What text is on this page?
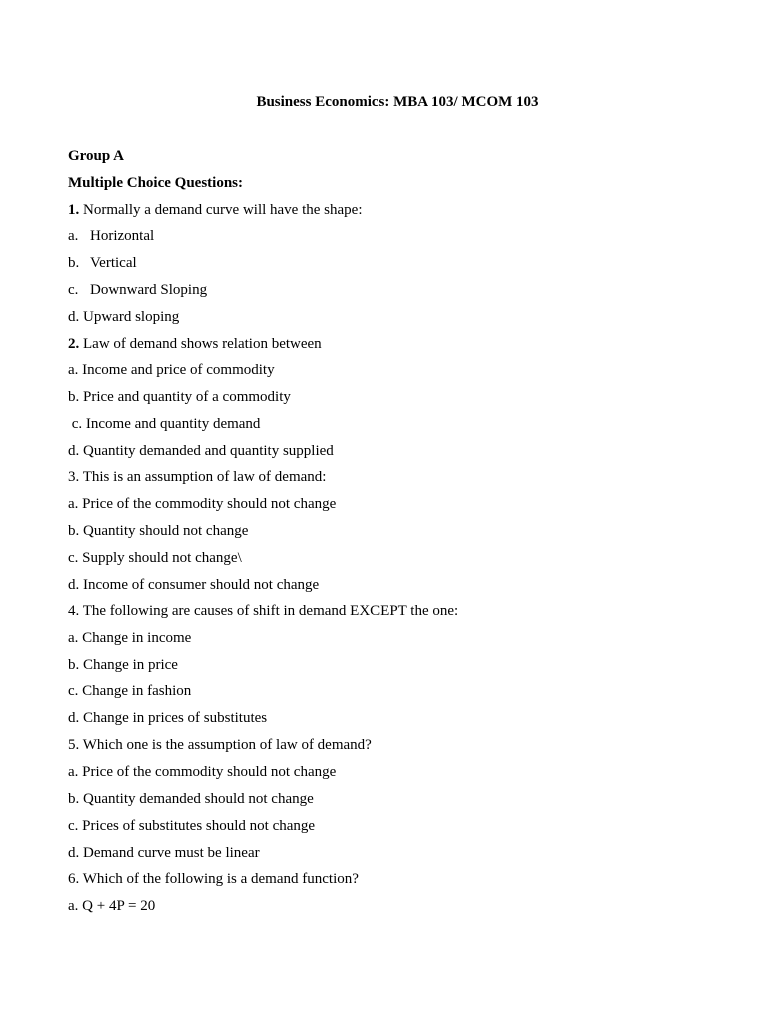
Business Economics: MBA 103/ MCOM 103
Group A
Multiple Choice Questions:
1. Normally a demand curve will have the shape:
a. Horizontal
b. Vertical
c. Downward Sloping
d. Upward sloping
2. Law of demand shows relation between
a. Income and price of commodity
b. Price and quantity of a commodity
c. Income and quantity demand
d. Quantity demanded and quantity supplied
3. This is an assumption of law of demand:
a. Price of the commodity should not change
b. Quantity should not change
c. Supply should not change\
d. Income of consumer should not change
4. The following are causes of shift in demand EXCEPT the one:
a. Change in income
b. Change in price
c. Change in fashion
d. Change in prices of substitutes
5. Which one is the assumption of law of demand?
a. Price of the commodity should not change
b. Quantity demanded should not change
c. Prices of substitutes should not change
d. Demand curve must be linear
6. Which of the following is a demand function?
a. Q + 4P = 20
